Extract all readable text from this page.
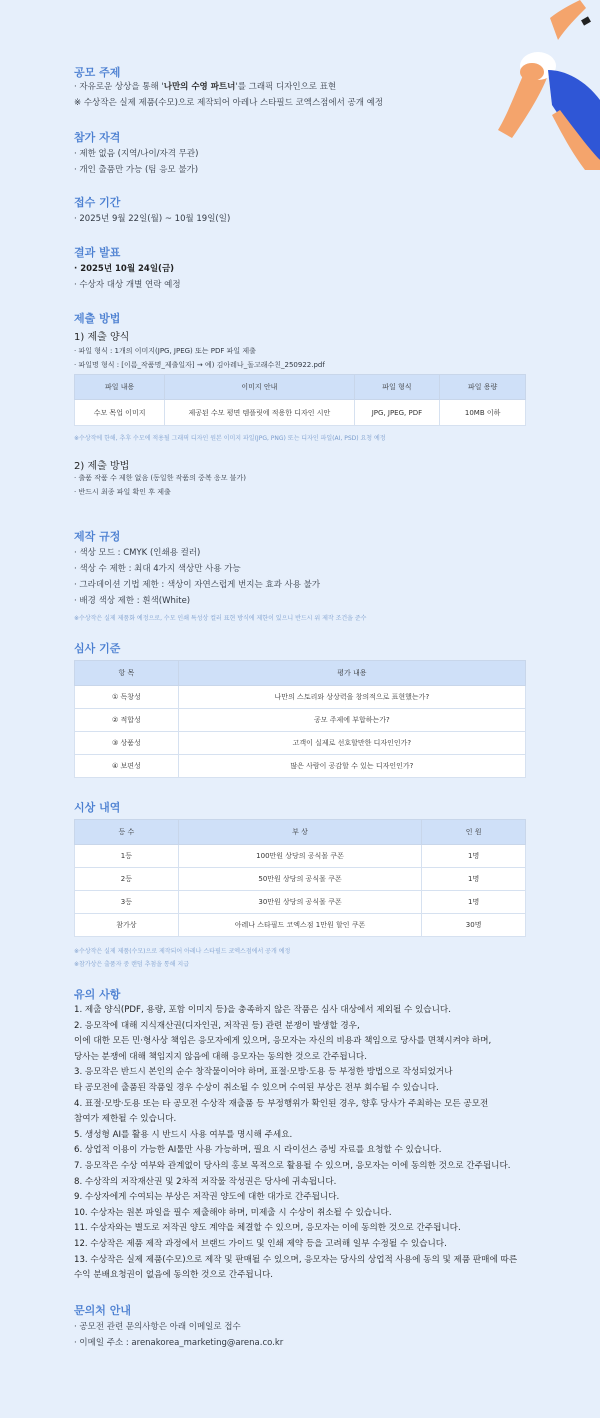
공모 주제

· 자유로운 상상을 통해 '나만의 수영 파트너'를 그래픽 디자인으로 표현

※ 수상작은 실제 제품(수모)으로 제작되어 아레나 스타필드 코엑스점에서 공개 예정

참가 자격

· 제한 없음 (지역/나이/자격 무관)

· 개인 출품만 가능 (팀 응모 불가)

접수 기간

· 2025년 9월 22일(월) ~ 10월 19일(일)

결과 발표

· 2025년 10월 24일(금)

· 수상자 대상 개별 연락 예정

제출 방법

1) 제출 양식

· 파일 형식 : 1개의 이미지(JPG, JPEG) 또는 PDF 파일 제출

· 파일명 형식 : [이름_작품명_제출일자] → 예) 김아레나_돌고래수친_250922.pdf

파일 내용	이미지 안내	파일 형식	파일 용량
수모 목업 이미지	제공된 수모 평면 템플릿에 적용한 디자인 시안	JPG, JPEG, PDF	10MB 이하

※수상작에 한해, 추후 수모에 적용될 그래픽 디자인 원본 이미지 파일(JPG, PNG) 또는 디자인 파일(AI, PSD) 요청 예정

2) 제출 방법

· 출품 작품 수 제한 없음 (동일한 작품의 중복 응모 불가)

· 반드시 최종 파일 확인 후 제출

제작 규정

· 색상 모드 : CMYK (인쇄용 컬러)

· 색상 수 제한 : 최대 4가지 색상만 사용 가능

· 그라데이션 기법 제한 : 색상이 자연스럽게 번지는 효과 사용 불가

· 배경 색상 제한 : 흰색(White)

※수상작은 실제 제품화 예정으로, 수모 인쇄 특성상 컬러 표현 방식에 제한이 있으니 반드시 위 제작 조건을 준수

심사 기준

항 목	평가 내용
① 독창성	나만의 스토리와 상상력을 창의적으로 표현했는가?
② 적합성	공모 주제에 부합하는가?
③ 상품성	고객이 실제로 선호할만한 디자인인가?
④ 보편성	많은 사람이 공감할 수 있는 디자인인가?

시상 내역

등 수	부 상	인 원
1등	100만원 상당의 공식몰 쿠폰	1명
2등	50만원 상당의 공식몰 쿠폰	1명
3등	30만원 상당의 공식몰 쿠폰	1명
참가상	아레나 스타필드 코엑스점 1만원 할인 쿠폰	30명

※수상작은 실제 제품(수모)으로 제작되어 아레나 스타필드 코엑스점에서 공개 예정

※참가상은 출품자 중 랜덤 추첨을 통해 지급

유의 사항

1. 제출 양식(PDF, 용량, 포함 이미지 등)을 충족하지 않은 작품은 심사 대상에서 제외될 수 있습니다.
2. 응모작에 대해 지식재산권(디자인권, 저작권 등) 관련 분쟁이 발생할 경우,
이에 대한 모든 민·형사상 책임은 응모자에게 있으며, 응모자는 자신의 비용과 책임으로 당사를 면책시켜야 하며,
당사는 분쟁에 대해 책임지지 않음에 대해 응모자는 동의한 것으로 간주됩니다.
3. 응모작은 반드시 본인의 순수 창작물이어야 하며, 표절·모방·도용 등 부정한 방법으로 작성되었거나
타 공모전에 출품된 작품일 경우 수상이 취소될 수 있으며 수여된 부상은 전부 회수될 수 있습니다.
4. 표절·모방·도용 또는 타 공모전 수상작 재출품 등 부정행위가 확인된 경우, 향후 당사가 주최하는 모든 공모전
참여가 제한될 수 있습니다.
5. 생성형 AI를 활용 시 반드시 사용 여부를 명시해 주세요.
6. 상업적 이용이 가능한 AI툴만 사용 가능하며, 필요 시 라이선스 증빙 자료를 요청할 수 있습니다.
7. 응모작은 수상 여부와 관계없이 당사의 홍보 목적으로 활용될 수 있으며, 응모자는 이에 동의한 것으로 간주됩니다.
8. 수상작의 저작재산권 및 2차적 저작물 작성권은 당사에 귀속됩니다.
9. 수상자에게 수여되는 부상은 저작권 양도에 대한 대가로 간주됩니다.
10. 수상자는 원본 파일을 필수 제출해야 하며, 미제출 시 수상이 취소될 수 있습니다.
11. 수상자와는 별도로 저작권 양도 계약을 체결할 수 있으며, 응모자는 이에 동의한 것으로 간주됩니다.
12. 수상작은 제품 제작 과정에서 브랜드 가이드 및 인쇄 제약 등을 고려해 일부 수정될 수 있습니다.
13. 수상작은 실제 제품(수모)으로 제작 및 판매될 수 있으며, 응모자는 당사의 상업적 사용에 동의 및 제품 판매에 따른
수익 분배요청권이 없음에 동의한 것으로 간주됩니다.

문의처 안내

· 공모전 관련 문의사항은 아래 이메일로 접수

· 이메일 주소 : arenakorea_marketing@arena.co.kr
